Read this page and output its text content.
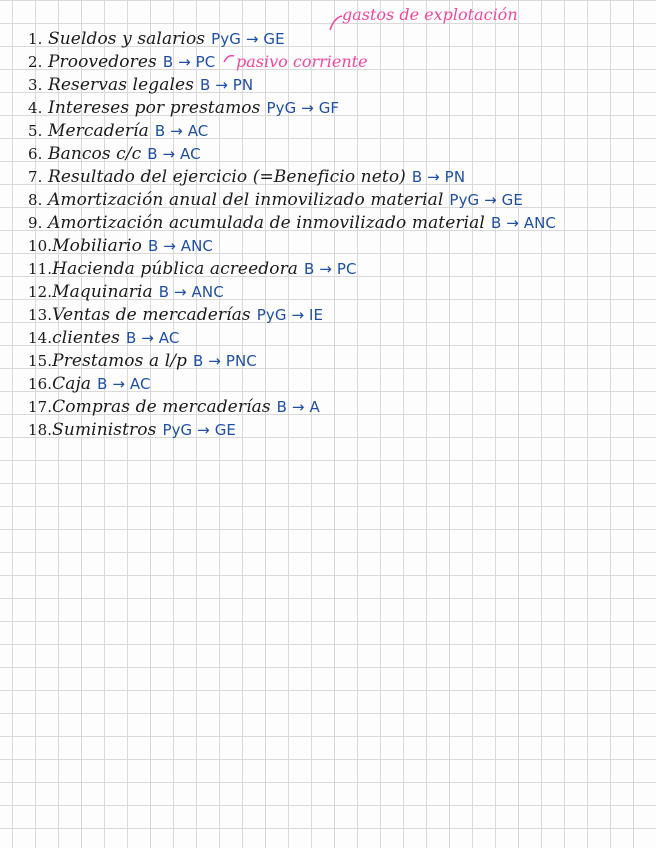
gastos de explotación
pasivo corriente
1. Sueldos y salarios PyG → GE
2. Proovedores B → PC
3. Reservas legales B → PN
4. Intereses por prestamos PyG → GF
5. Mercadería B → AC
6. Bancos c/c B → AC
7. Resultado del ejercicio (=Beneficio neto) B → PN
8. Amortización anual del inmovilizado material PyG → GE
9. Amortización acumulada de inmovilizado material B → ANC
10.Mobiliario B → ANC
11.Hacienda pública acreedora B → PC
12.Maquinaria B → ANC
13.Ventas de mercaderías PyG → IE
14.clientes B → AC
15.Prestamos a l/p B → PNC
16.Caja B → AC
17.Compras de mercaderías B → A
18.Suministros PyG → GE
